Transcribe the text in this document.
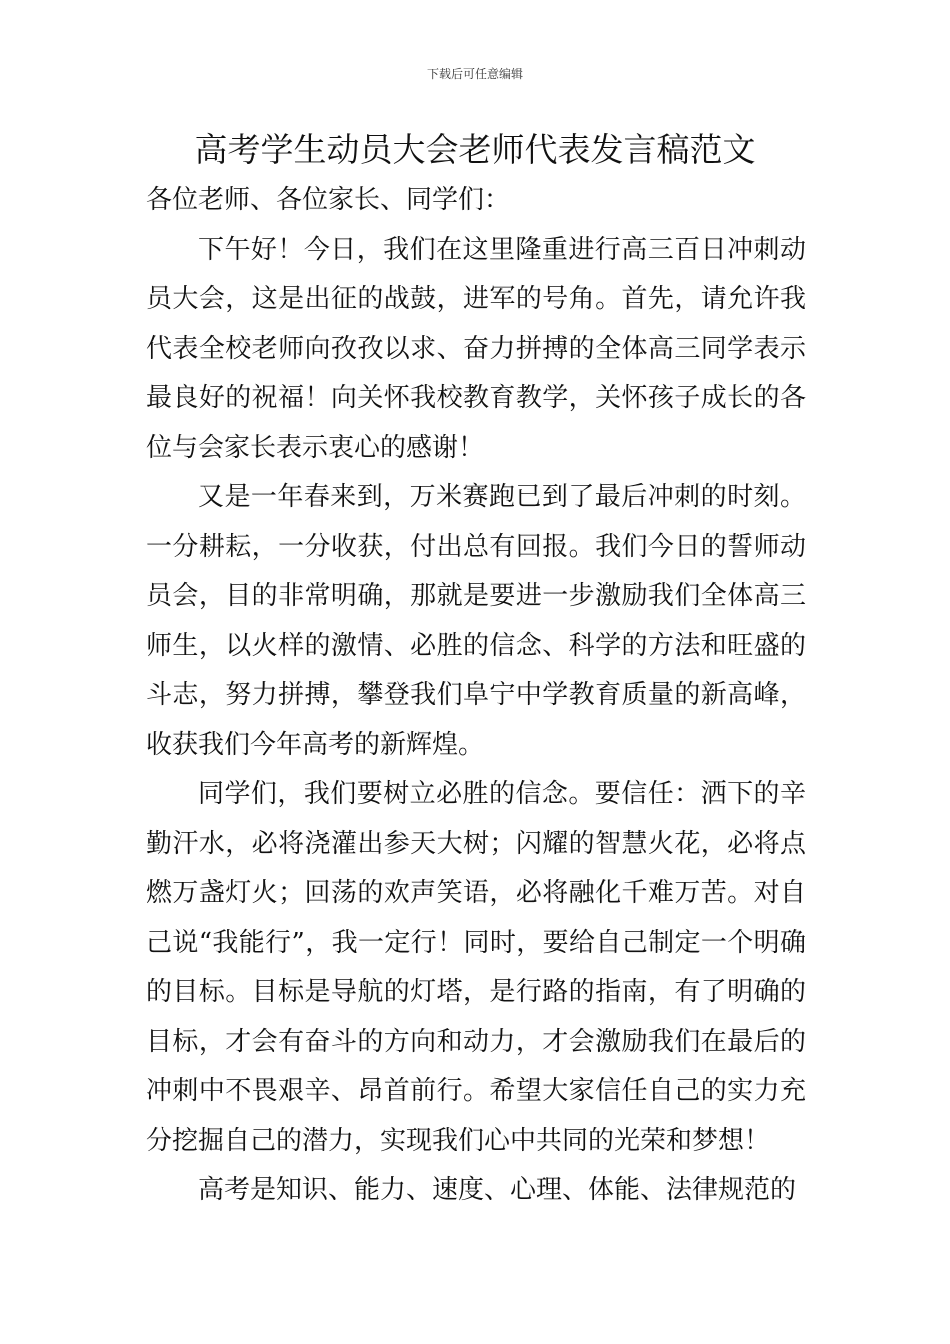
下载后可任意编辑
高考学生动员大会老师代表发言稿范文

各位老师、各位家长、同学们：

下午好！今日，我们在这里隆重进行高三百日冲刺动员大会，这是出征的战鼓，进军的号角。首先，请允许我代表全校老师向孜孜以求、奋力拼搏的全体高三同学表示最良好的祝福！向关怀我校教育教学，关怀孩子成长的各位与会家长表示衷心的感谢！

又是一年春来到，万米赛跑已到了最后冲刺的时刻。一分耕耘，一分收获，付出总有回报。我们今日的誓师动员会，目的非常明确，那就是要进一步激励我们全体高三师生，以火样的激情、必胜的信念、科学的方法和旺盛的斗志，努力拼搏，攀登我们阜宁中学教育质量的新高峰，收获我们今年高考的新辉煌。

同学们，我们要树立必胜的信念。要信任：洒下的辛勤汗水，必将浇灌出参天大树；闪耀的智慧火花，必将点燃万盏灯火；回荡的欢声笑语，必将融化千难万苦。对自己说“我能行”，我一定行！同时，要给自己制定一个明确的目标。目标是导航的灯塔，是行路的指南，有了明确的目标，才会有奋斗的方向和动力，才会激励我们在最后的冲刺中不畏艰辛、昂首前行。希望大家信任自己的实力充分挖掘自己的潜力，实现我们心中共同的光荣和梦想！

高考是知识、能力、速度、心理、体能、法律规范的
